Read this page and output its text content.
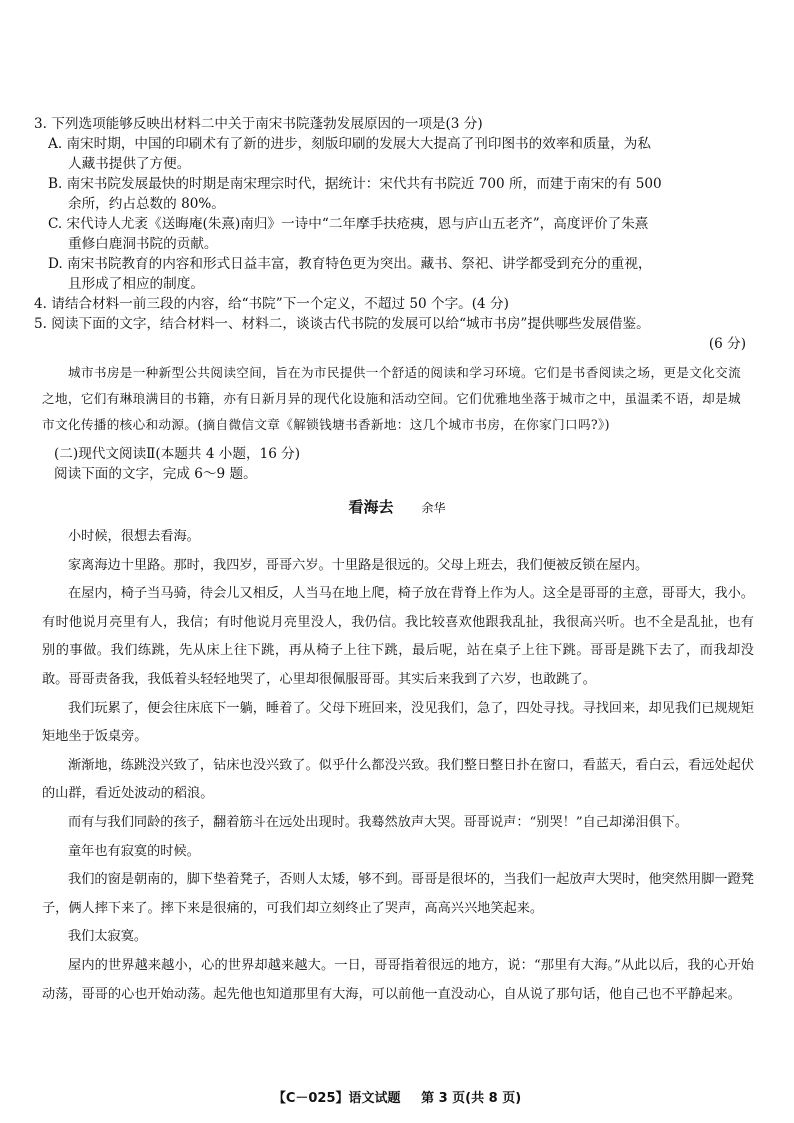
3. 下列选项能够反映出材料二中关于南宋书院蓬勃发展原因的一项是(3 分)

A. 南宋时期，中国的印刷术有了新的进步，刻版印刷的发展大大提高了刊印图书的效率和质量，为私

人藏书提供了方便。

B. 南宋书院发展最快的时期是南宋理宗时代，据统计：宋代共有书院近 700 所，而建于南宋的有 500

余所，约占总数的 80%。

C. 宋代诗人尤袤《送晦庵(朱熹)南归》一诗中“二年摩手扶疮痍，恩与庐山五老齐”，高度评价了朱熹

重修白鹿洞书院的贡献。

D. 南宋书院教育的内容和形式日益丰富，教育特色更为突出。藏书、祭祀、讲学都受到充分的重视，

且形成了相应的制度。

4. 请结合材料一前三段的内容，给“书院”下一个定义，不超过 50 个字。(4 分)

5. 阅读下面的文字，结合材料一、材料二，谈谈古代书院的发展可以给“城市书房”提供哪些发展借鉴。

(6 分)

城市书房是一种新型公共阅读空间，旨在为市民提供一个舒适的阅读和学习环境。它们是书香阅读之场，更是文化交流之地，它们有琳琅满目的书籍，亦有日新月异的现代化设施和活动空间。它们优雅地坐落于城市之中，虽温柔不语，却是城市文化传播的核心和动源。(摘自微信文章《解锁钱塘书香新地：这几个城市书房，在你家门口吗?》)

(二)现代文阅读Ⅱ(本题共 4 小题，16 分)

阅读下面的文字，完成 6～9 题。

看海去 余华

小时候，很想去看海。

家离海边十里路。那时，我四岁，哥哥六岁。十里路是很远的。父母上班去，我们便被反锁在屋内。

在屋内，椅子当马骑，待会儿又相反，人当马在地上爬，椅子放在背脊上作为人。这全是哥哥的主意，哥哥大，我小。有时他说月亮里有人，我信；有时他说月亮里没人，我仍信。我比较喜欢他跟我乱扯，我很高兴听。也不全是乱扯，也有别的事做。我们练跳，先从床上往下跳，再从椅子上往下跳，最后呢，站在桌子上往下跳。哥哥是跳下去了，而我却没敢。哥哥责备我，我低着头轻轻地哭了，心里却很佩服哥哥。其实后来我到了六岁，也敢跳了。

我们玩累了，便会往床底下一躺，睡着了。父母下班回来，没见我们，急了，四处寻找。寻找回来，却见我们已规规矩矩地坐于饭桌旁。

渐渐地，练跳没兴致了，钻床也没兴致了。似乎什么都没兴致。我们整日整日扑在窗口，看蓝天，看白云，看远处起伏的山群，看近处波动的稻浪。

而有与我们同龄的孩子，翻着筋斗在远处出现时。我蓦然放声大哭。哥哥说声：“别哭！”自己却涕泪俱下。

童年也有寂寞的时候。

我们的窗是朝南的，脚下垫着凳子，否则人太矮，够不到。哥哥是很坏的，当我们一起放声大哭时，他突然用脚一蹬凳子，俩人摔下来了。摔下来是很痛的，可我们却立刻终止了哭声，高高兴兴地笑起来。

我们太寂寞。

屋内的世界越来越小，心的世界却越来越大。一日，哥哥指着很远的地方，说：“那里有大海。”从此以后，我的心开始动荡，哥哥的心也开始动荡。起先他也知道那里有大海，可以前他一直没动心，自从说了那句话，他自己也不平静起来。

【C－025】语文试题 第 3 页(共 8 页)
